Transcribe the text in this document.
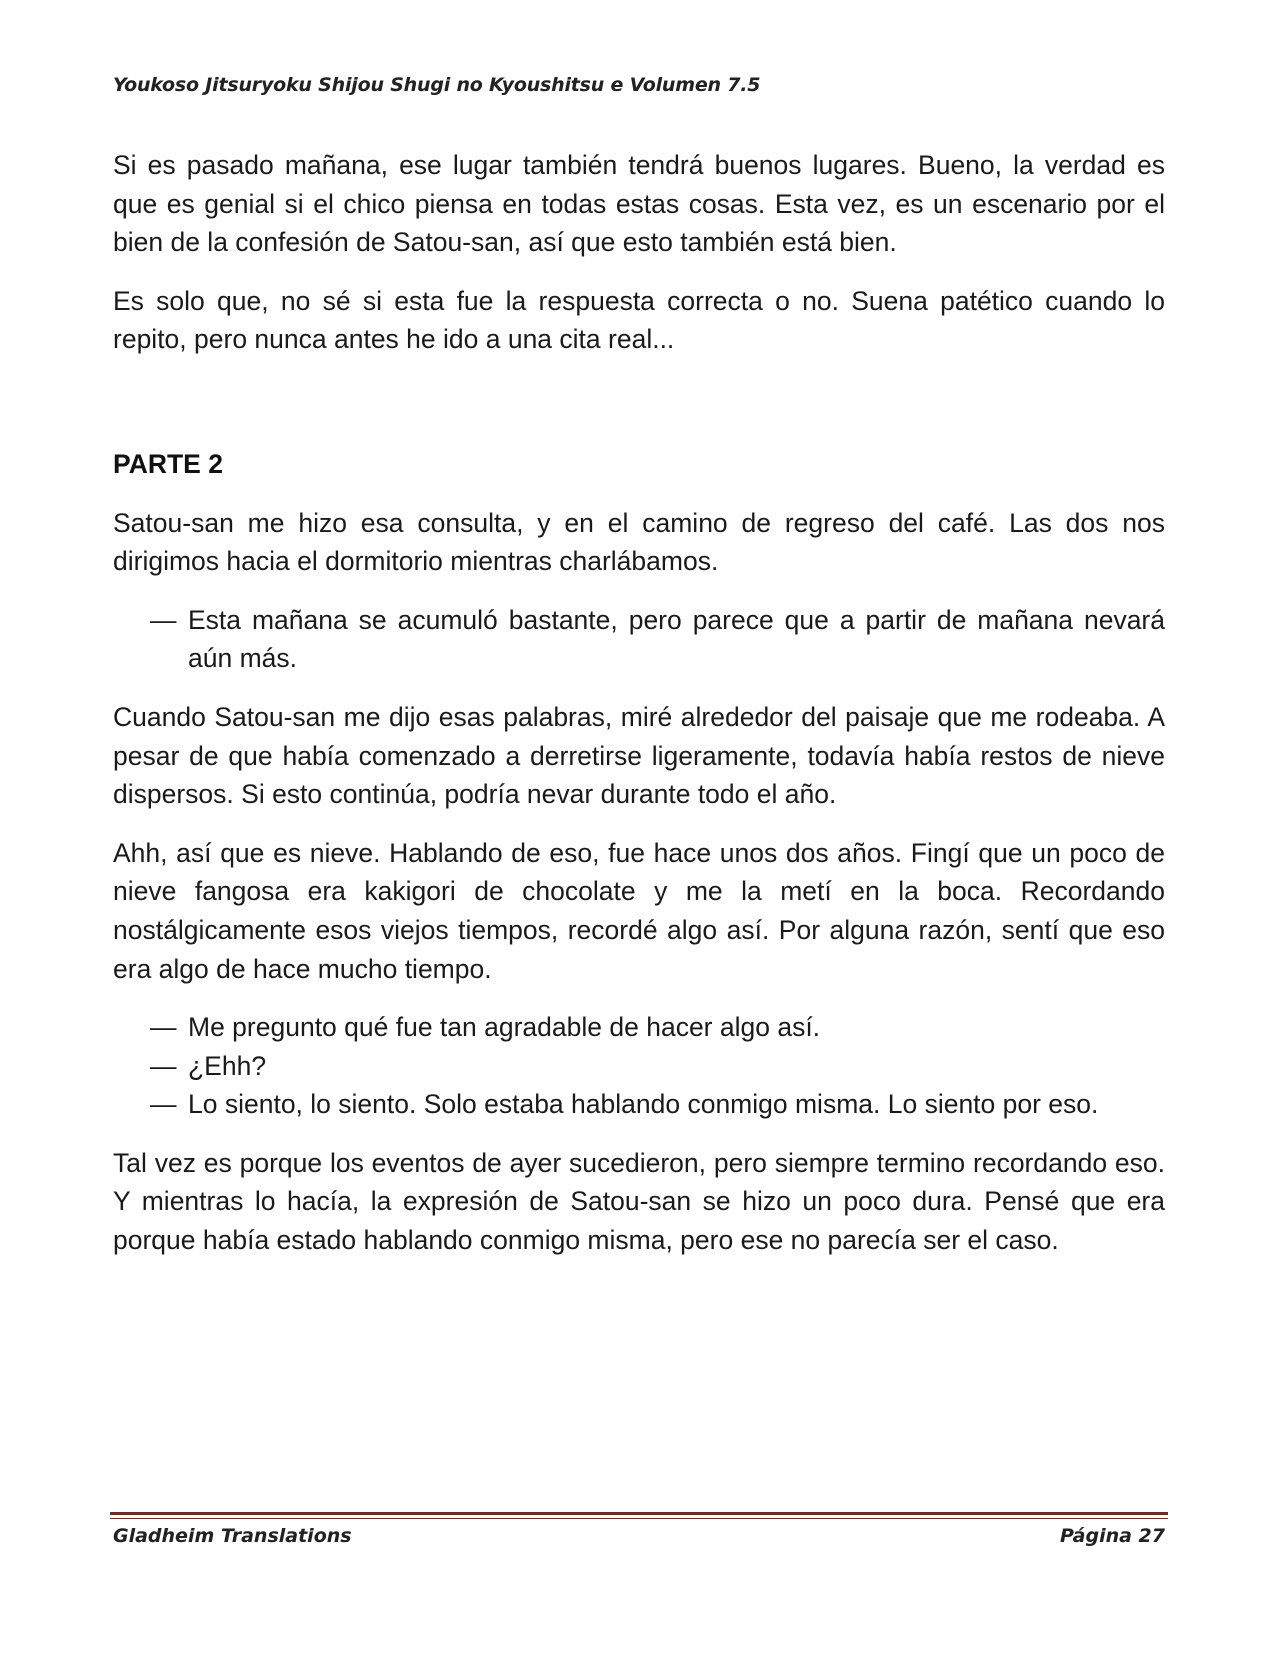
Youkoso Jitsuryoku Shijou Shugi no Kyoushitsu e Volumen 7.5

Si es pasado mañana, ese lugar también tendrá buenos lugares. Bueno, la verdad es que es genial si el chico piensa en todas estas cosas. Esta vez, es un escenario por el bien de la confesión de Satou-san, así que esto también está bien.

Es solo que, no sé si esta fue la respuesta correcta o no. Suena patético cuando lo repito, pero nunca antes he ido a una cita real...

PARTE 2

Satou-san me hizo esa consulta, y en el camino de regreso del café. Las dos nos dirigimos hacia el dormitorio mientras charlábamos.

— Esta mañana se acumuló bastante, pero parece que a partir de mañana nevará aún más.

Cuando Satou-san me dijo esas palabras, miré alrededor del paisaje que me rodeaba. A pesar de que había comenzado a derretirse ligeramente, todavía había restos de nieve dispersos. Si esto continúa, podría nevar durante todo el año.

Ahh, así que es nieve. Hablando de eso, fue hace unos dos años. Fingí que un poco de nieve fangosa era kakigori de chocolate y me la metí en la boca. Recordando nostálgicamente esos viejos tiempos, recordé algo así. Por alguna razón, sentí que eso era algo de hace mucho tiempo.

— Me pregunto qué fue tan agradable de hacer algo así.
— ¿Ehh?
— Lo siento, lo siento. Solo estaba hablando conmigo misma. Lo siento por eso.

Tal vez es porque los eventos de ayer sucedieron, pero siempre termino recordando eso. Y mientras lo hacía, la expresión de Satou-san se hizo un poco dura. Pensé que era porque había estado hablando conmigo misma, pero ese no parecía ser el caso.

Gladheim Translations	Página 27
